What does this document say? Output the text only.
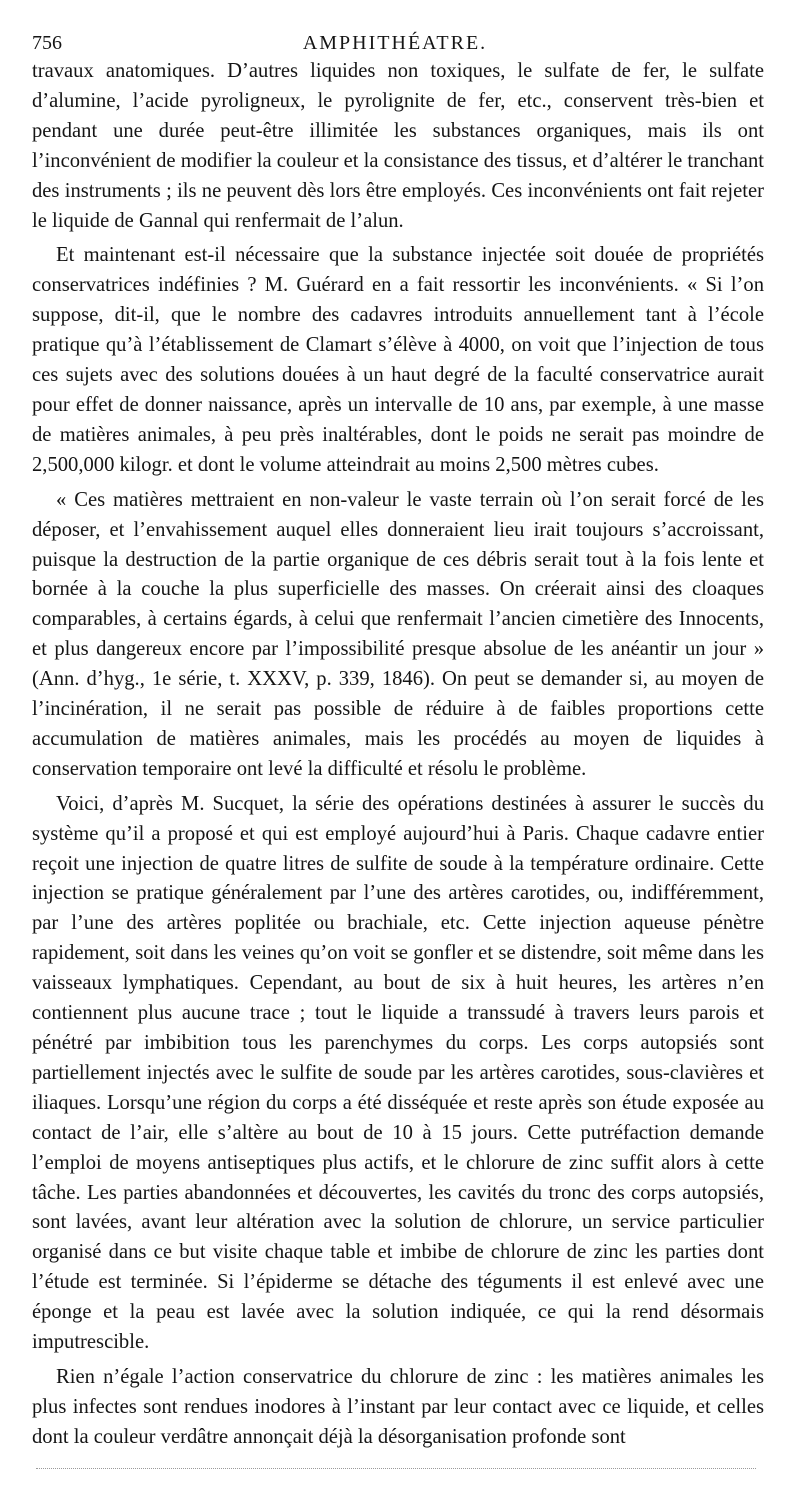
756	AMPHITHÉATRE.

travaux anatomiques. D’autres liquides non toxiques, le sulfate de fer, le sulfate d’alumine, l’acide pyroligneux, le pyrolignite de fer, etc., conservent très-bien et pendant une durée peut-être illimitée les substances organiques, mais ils ont l’inconvénient de modifier la couleur et la consistance des tissus, et d’altérer le tranchant des instruments ; ils ne peuvent dès lors être employés. Ces inconvénients ont fait rejeter le liquide de Gannal qui renfermait de l’alun.

Et maintenant est-il nécessaire que la substance injectée soit douée de propriétés conservatrices indéfinies ? M. Guérard en a fait ressortir les inconvénients. « Si l’on suppose, dit-il, que le nombre des cadavres introduits annuellement tant à l’école pratique qu’à l’établissement de Clamart s’élève à 4000, on voit que l’injection de tous ces sujets avec des solutions douées à un haut degré de la faculté conservatrice aurait pour effet de donner naissance, après un intervalle de 10 ans, par exemple, à une masse de matières animales, à peu près inaltérables, dont le poids ne serait pas moindre de 2,500,000 kilogr. et dont le volume atteindrait au moins 2,500 mètres cubes.

« Ces matières mettraient en non-valeur le vaste terrain où l’on serait forcé de les déposer, et l’envahissement auquel elles donneraient lieu irait toujours s’accroissant, puisque la destruction de la partie organique de ces débris serait tout à la fois lente et bornée à la couche la plus superficielle des masses. On créerait ainsi des cloaques comparables, à certains égards, à celui que renfermait l’ancien cimetière des Innocents, et plus dangereux encore par l’impossibilité presque absolue de les anéantir un jour » (Ann. d’hyg., 1e série, t. XXXV, p. 339, 1846). On peut se demander si, au moyen de l’incinération, il ne serait pas possible de réduire à de faibles proportions cette accumulation de matières animales, mais les procédés au moyen de liquides à conservation temporaire ont levé la difficulté et résolu le problème.

Voici, d’après M. Sucquet, la série des opérations destinées à assurer le succès du système qu’il a proposé et qui est employé aujourd’hui à Paris. Chaque cadavre entier reçoit une injection de quatre litres de sulfite de soude à la température ordinaire. Cette injection se pratique généralement par l’une des artères carotides, ou, indifféremment, par l’une des artères poplitée ou brachiale, etc. Cette injection aqueuse pénètre rapidement, soit dans les veines qu’on voit se gonfler et se distendre, soit même dans les vaisseaux lymphatiques. Cependant, au bout de six à huit heures, les artères n’en contiennent plus aucune trace ; tout le liquide a transsudé à travers leurs parois et pénétré par imbibition tous les parenchymes du corps. Les corps autopsiés sont partiellement injectés avec le sulfite de soude par les artères carotides, sous-clavières et iliaques. Lorsqu’une région du corps a été disséquée et reste après son étude exposée au contact de l’air, elle s’altère au bout de 10 à 15 jours. Cette putréfaction demande l’emploi de moyens antiseptiques plus actifs, et le chlorure de zinc suffit alors à cette tâche. Les parties abandonnées et découvertes, les cavités du tronc des corps autopsiés, sont lavées, avant leur altération avec la solution de chlorure, un service particulier organisé dans ce but visite chaque table et imbibe de chlorure de zinc les parties dont l’étude est terminée. Si l’épiderme se détache des téguments il est enlevé avec une éponge et la peau est lavée avec la solution indiquée, ce qui la rend désormais imputrescible.

Rien n’égale l’action conservatrice du chlorure de zinc : les matières animales les plus infectes sont rendues inodores à l’instant par leur contact avec ce liquide, et celles dont la couleur verdâtre annonçait déjà la désorganisation profonde sont
